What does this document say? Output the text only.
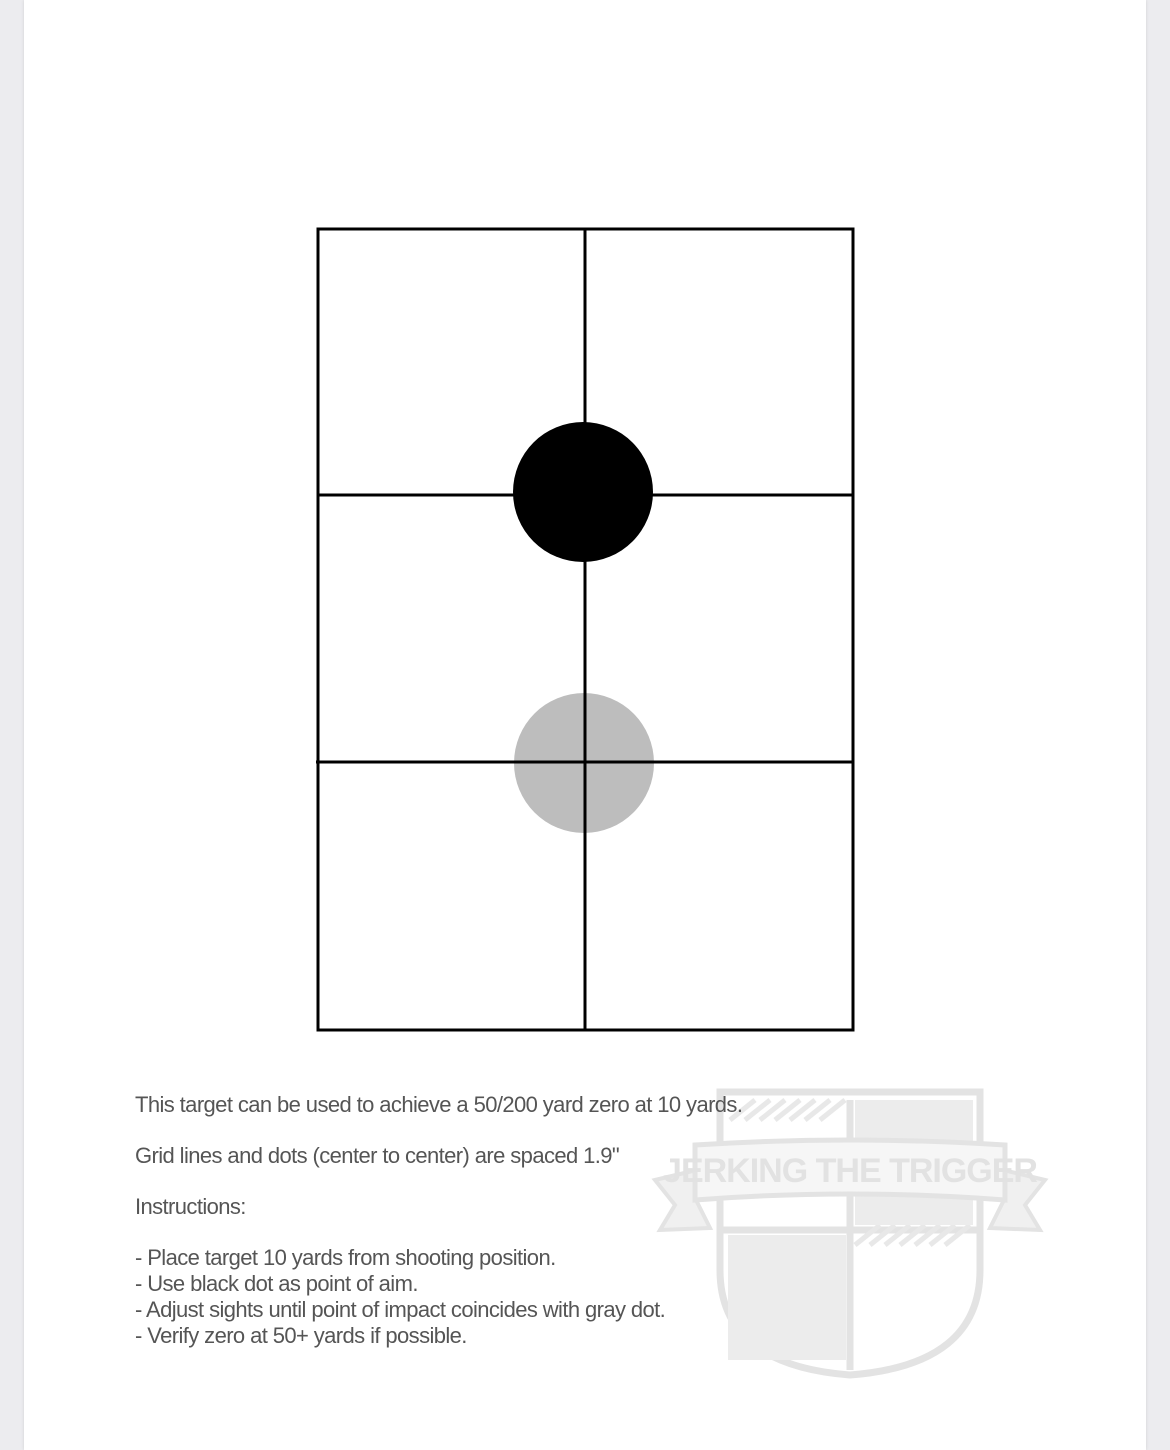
JERKING THE TRIGGER

This target can be used to achieve a 50/200 yard zero at 10 yards.

Grid lines and dots (center to center) are spaced 1.9"

Instructions:

- Place target 10 yards from shooting position.

- Use black dot as point of aim.

- Adjust sights until point of impact coincides with gray dot.

- Verify zero at 50+ yards if possible.
